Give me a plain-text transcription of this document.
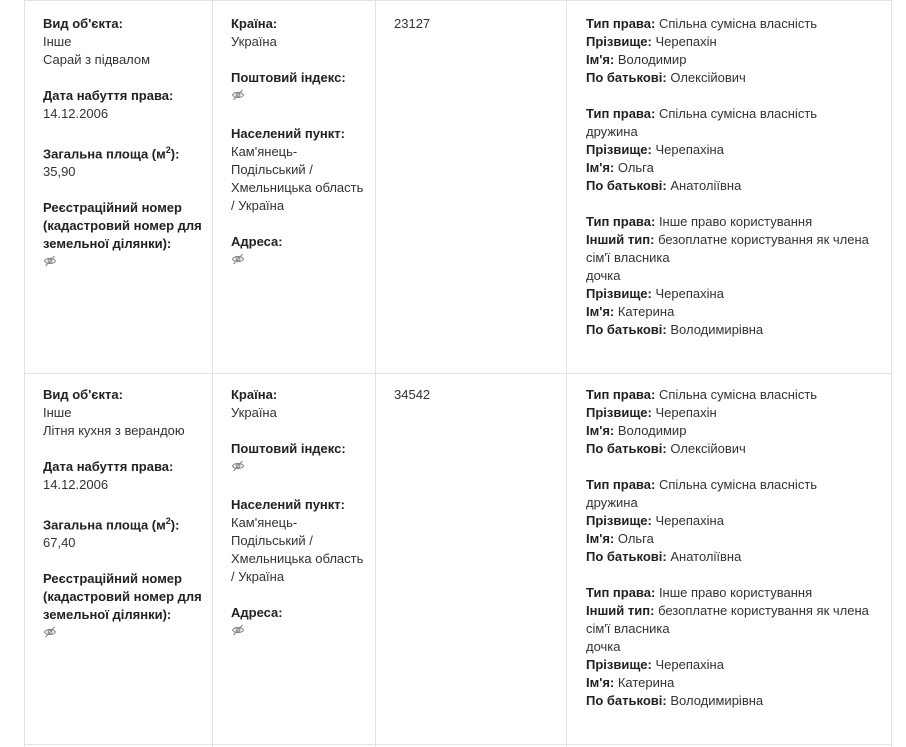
Вид об'єкта:
Інше
Сарай з підвалом
Дата набуття права:
14.12.2006
Загальна площа $(м^2)$:
35,90
Реєстраційний номер (кадастровий номер для земельної ділянки):
Країна:
Україна
Поштовий індекс:
Населений пункт:
Кам'янець-Подільський / Хмельницька область / Україна
Адреса:
23127	Тип права: Спільна сумісна власність
Прізвище: Черепахін
Ім'я: Володимир
По батькові: Олексійович
Тип права: Спільна сумісна власність
дружина
Прізвище: Черепахіна
Ім'я: Ольга
По батькові: Анатоліївна
Тип права: Інше право користування
Інший тип: безоплатне користування як члена сім'ї власника
дочка
Прізвище: Черепахіна
Ім'я: Катерина
По батькові: Володимирівна
Вид об'єкта:
Інше
Літня кухня з верандою
Дата набуття права:
14.12.2006
Загальна площа $(м^2)$:
67,40
Реєстраційний номер (кадастровий номер для земельної ділянки):
Країна:
Україна
Поштовий індекс:
Населений пункт:
Кам'янець-Подільський / Хмельницька область / Україна
Адреса:
34542	Тип права: Спільна сумісна власність
Прізвище: Черепахін
Ім'я: Володимир
По батькові: Олексійович
Тип права: Спільна сумісна власність
дружина
Прізвище: Черепахіна
Ім'я: Ольга
По батькові: Анатоліївна
Тип права: Інше право користування
Інший тип: безоплатне користування як члена сім'ї власника
дочка
Прізвище: Черепахіна
Ім'я: Катерина
По батькові: Володимирівна
